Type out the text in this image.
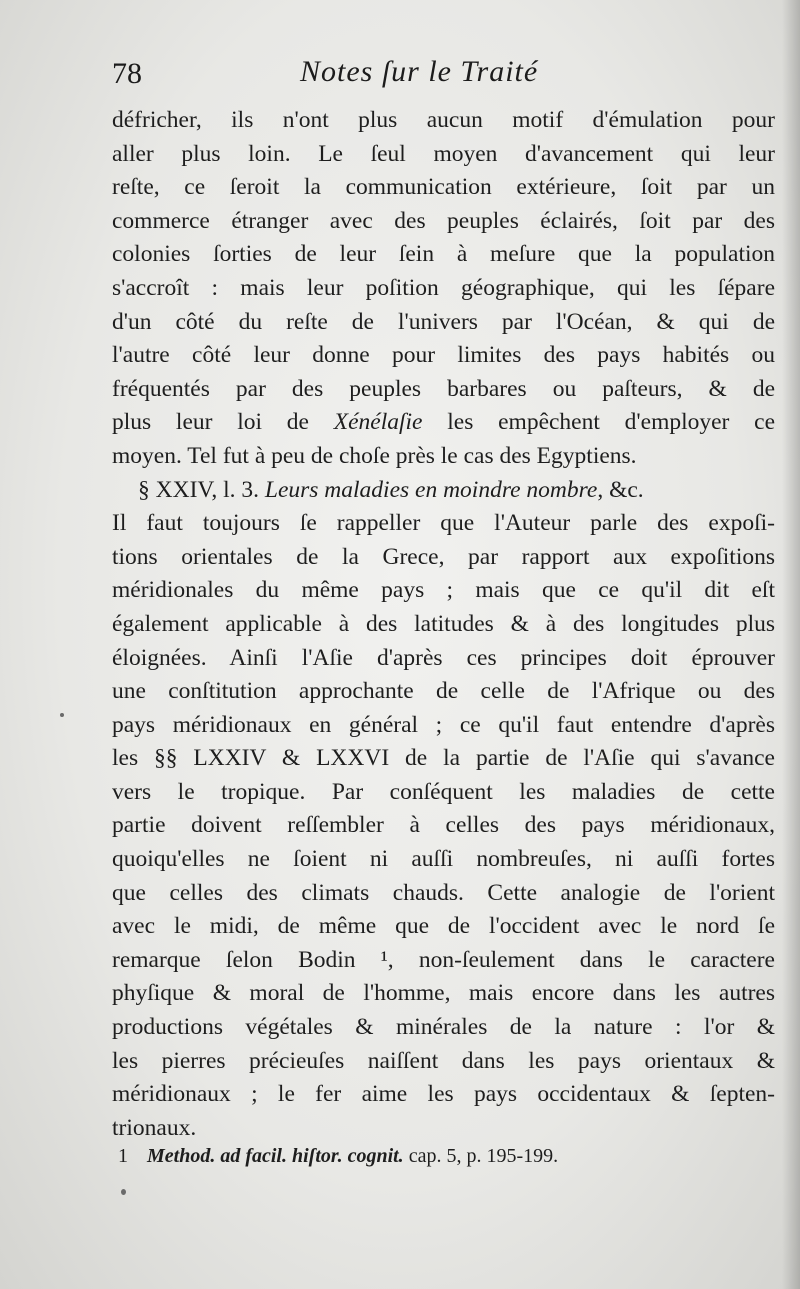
78	Notes ſur le Traité
défricher, ils n'ont plus aucun motif d'émulation pour
aller plus loin. Le ſeul moyen d'avancement qui leur
reſte, ce ſeroit la communication extérieure, ſoit par un
commerce étranger avec des peuples éclairés, ſoit par des
colonies ſorties de leur ſein à meſure que la population
s'accroît : mais leur poſition géographique, qui les ſépare
d'un côté du reſte de l'univers par l'Océan, & qui de
l'autre côté leur donne pour limites des pays habités ou
fréquentés par des peuples barbares ou paſteurs, & de
plus leur loi de Xénélaſie les empêchent d'employer ce
moyen. Tel fut à peu de choſe près le cas des Egyptiens.
§ XXIV, l. 3. Leurs maladies en moindre nombre, &c.
Il faut toujours ſe rappeller que l'Auteur parle des expoſi-
tions orientales de la Grece, par rapport aux expoſitions
méridionales du même pays ; mais que ce qu'il dit eſt
également applicable à des latitudes & à des longitudes plus
éloignées. Ainſi l'Aſie d'après ces principes doit éprouver
une conſtitution approchante de celle de l'Afrique ou des
pays méridionaux en général ; ce qu'il faut entendre d'après
les §§ LXXIV & LXXVI de la partie de l'Aſie qui s'avance
vers le tropique. Par conſéquent les maladies de cette
partie doivent reſſembler à celles des pays méridionaux,
quoiqu'elles ne ſoient ni auſſi nombreuſes, ni auſſi fortes
que celles des climats chauds. Cette analogie de l'orient
avec le midi, de même que de l'occident avec le nord ſe
remarque ſelon Bodin ¹, non-ſeulement dans le caractere
phyſique & moral de l'homme, mais encore dans les autres
productions végétales & minérales de la nature : l'or &
les pierres précieuſes naiſſent dans les pays orientaux &
méridionaux ; le fer aime les pays occidentaux & ſepten-
trionaux.
1 Method. ad facil. hiſtor. cognit. cap. 5, p. 195-199.
